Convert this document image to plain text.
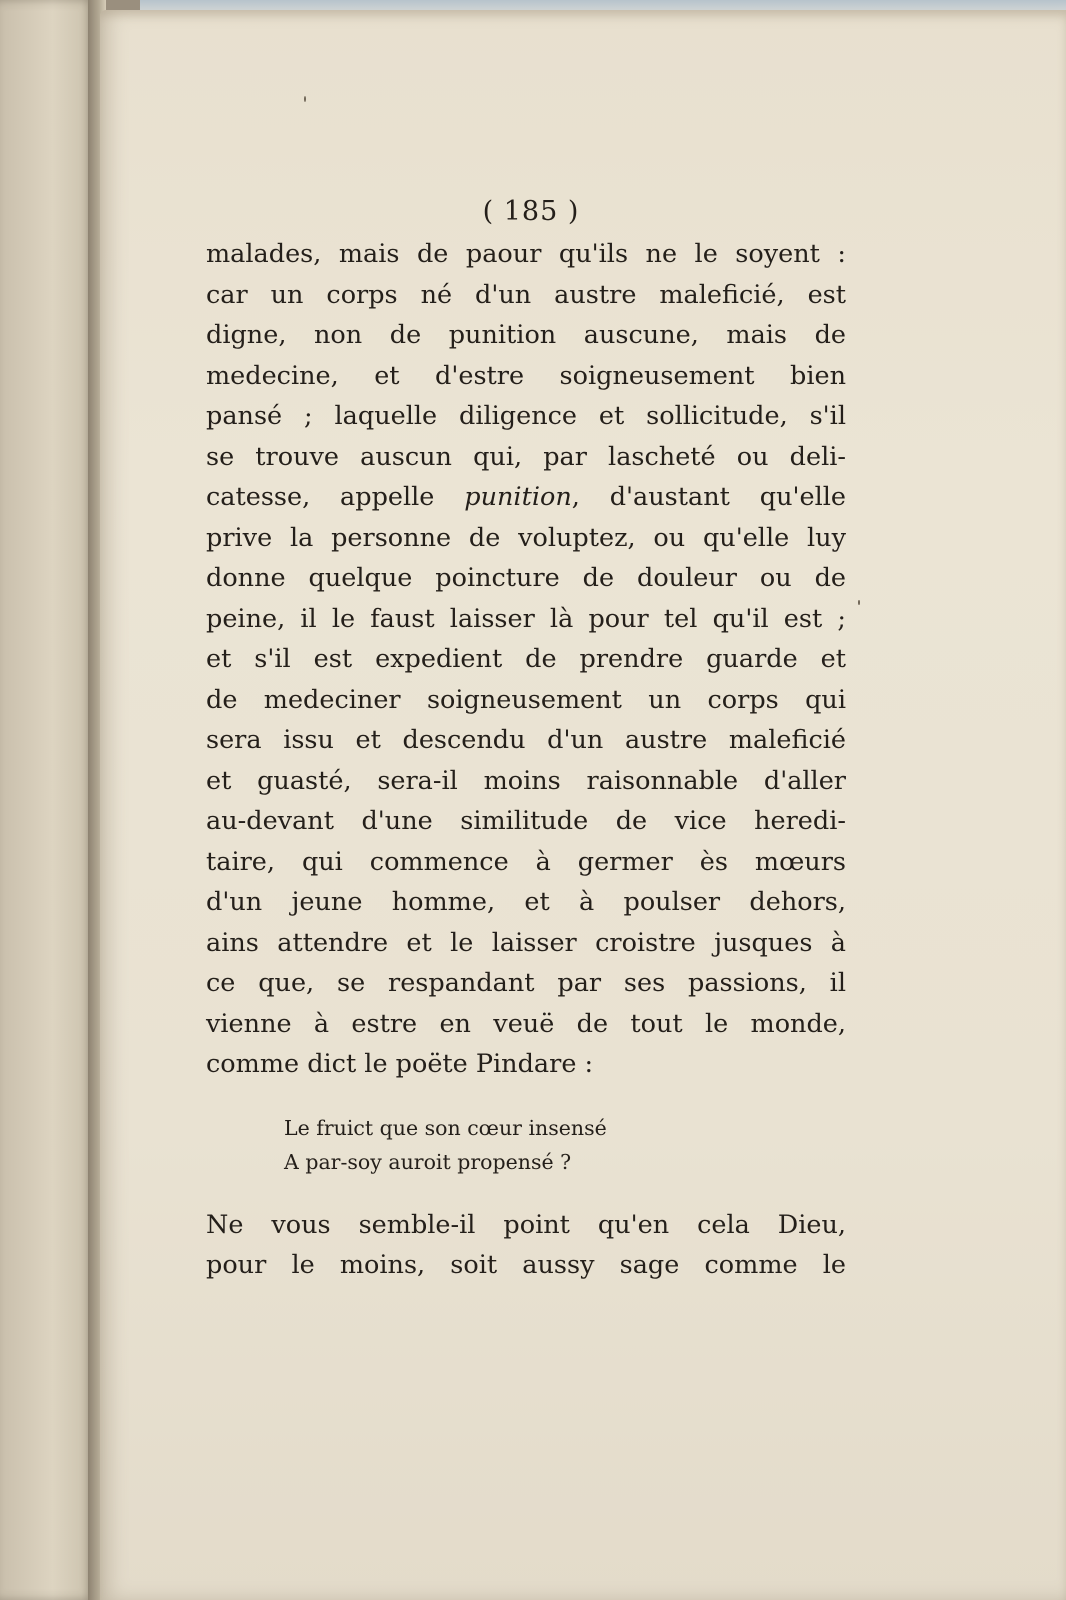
( 185 )
malades, mais de paour qu'ils ne le soyent :
car un corps né d'un austre maleficié, est
digne, non de punition auscune, mais de
medecine, et d'estre soigneusement bien
pansé ; laquelle diligence et sollicitude, s'il
se trouve auscun qui, par lascheté ou deli-
catesse, appelle punition, d'austant qu'elle
prive la personne de voluptez, ou qu'elle luy
donne quelque poincture de douleur ou de
peine, il le faust laisser là pour tel qu'il est ;
et s'il est expedient de prendre guarde et
de medeciner soigneusement un corps qui
sera issu et descendu d'un austre maleficié
et guasté, sera-il moins raisonnable d'aller
au-devant d'une similitude de vice heredi-
taire, qui commence à germer ès mœurs
d'un jeune homme, et à poulser dehors,
ains attendre et le laisser croistre jusques à
ce que, se respandant par ses passions, il
vienne à estre en veuë de tout le monde,
comme dict le poëte Pindare :
Le fruict que son cœur insensé
A par-soy auroit propensé ?
Ne vous semble-il point qu'en cela Dieu,
pour le moins, soit aussy sage comme le
